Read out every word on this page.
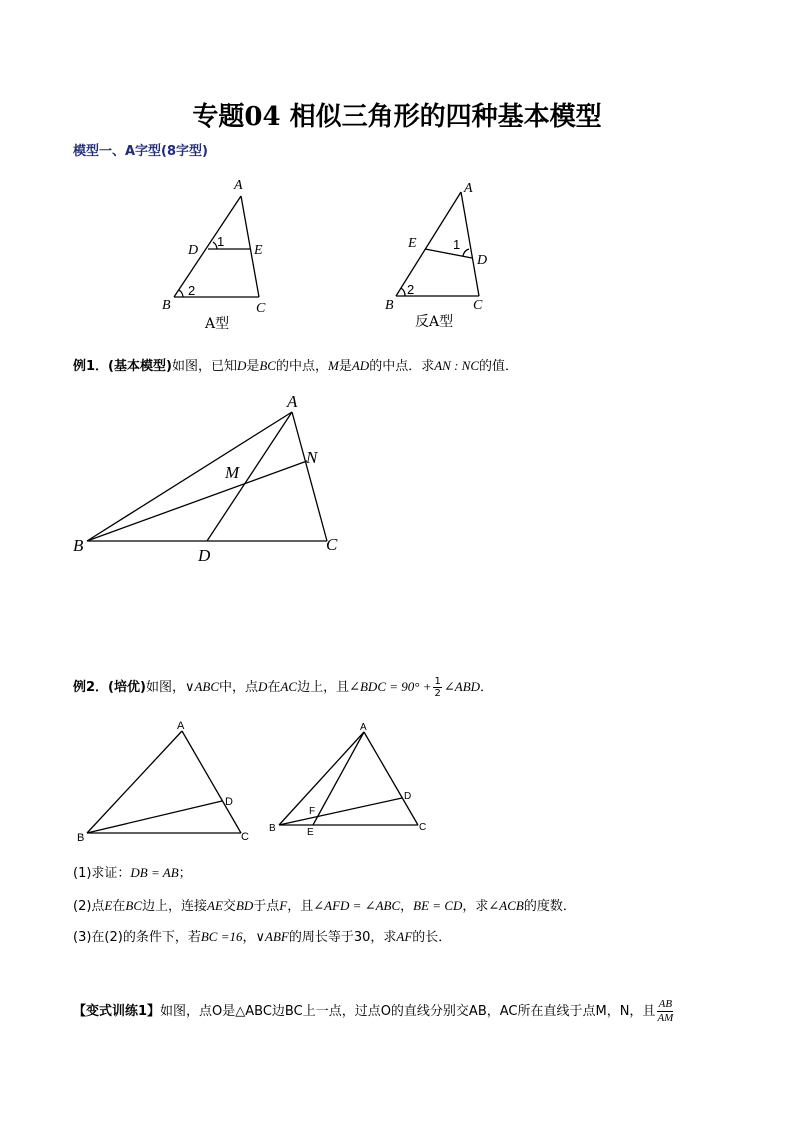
专题04 相似三角形的四种基本模型
模型一、A字型(8字型)
A
D	E
1
B
2
C
A型
A
E	1
D
B
2
C
反A型
例1．(基本模型)如图，已知D是BC的中点，M是AD的中点．求AN : NC的值．
A
M
N
B
D
C
例2．(培优)如图，∨ABC中，点D在AC边上，且∠BDC = $90^\circ + \frac{1}{2}$ ∠ABD．
A
D
B	C
A
D
F
B	E	C
(1)求证：DB = AB；
(2)点E在BC边上，连接AE交BD于点F，且∠AFD = ∠ABC，BE = CD，求∠ACB的度数．
(3)在(2)的条件下，若BC =16，∨ABF的周长等于30，求AF的长．
【变式训练1】如图，点O是△ABC边BC上一点，过点O的直线分别交AB，AC所在直线于点M，N，且 $\frac{AB}{AM}$
